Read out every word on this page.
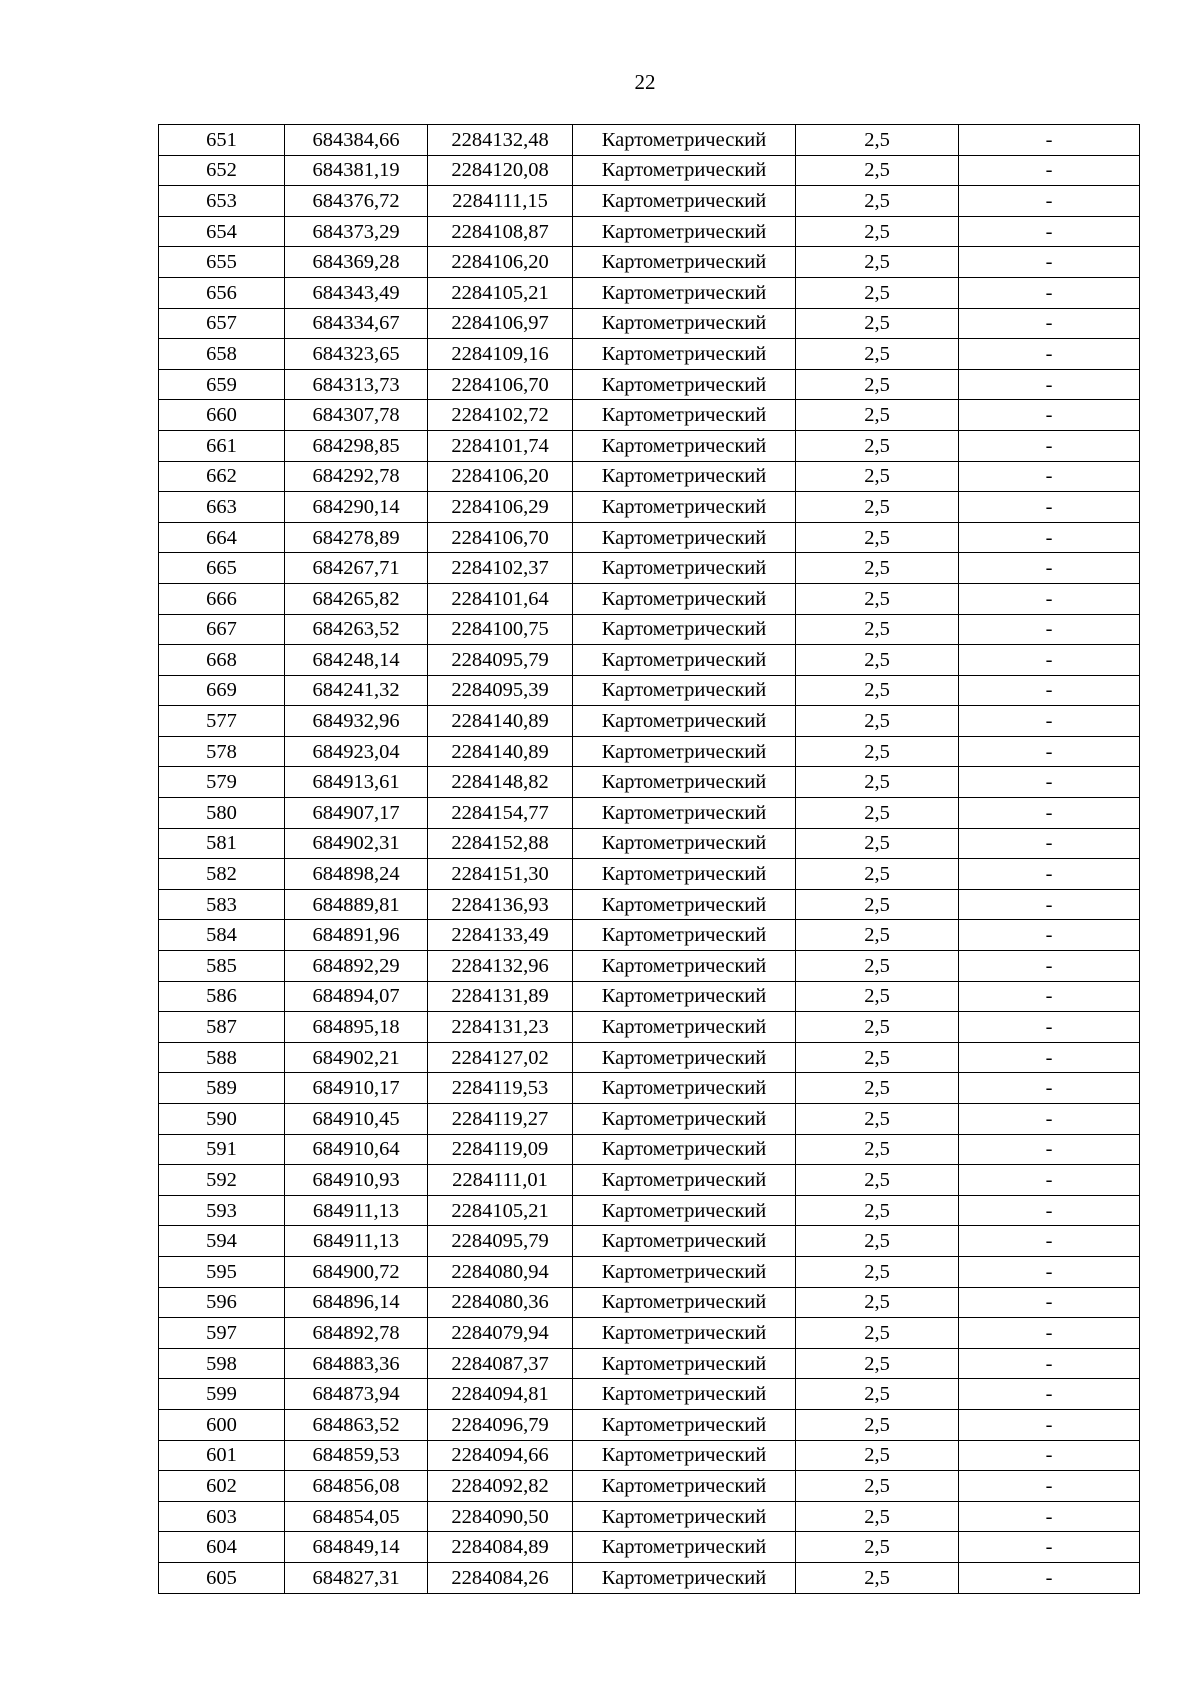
22
651	684384,66	2284132,48	Картометрический	2,5	-
652	684381,19	2284120,08	Картометрический	2,5	-
653	684376,72	2284111,15	Картометрический	2,5	-
654	684373,29	2284108,87	Картометрический	2,5	-
655	684369,28	2284106,20	Картометрический	2,5	-
656	684343,49	2284105,21	Картометрический	2,5	-
657	684334,67	2284106,97	Картометрический	2,5	-
658	684323,65	2284109,16	Картометрический	2,5	-
659	684313,73	2284106,70	Картометрический	2,5	-
660	684307,78	2284102,72	Картометрический	2,5	-
661	684298,85	2284101,74	Картометрический	2,5	-
662	684292,78	2284106,20	Картометрический	2,5	-
663	684290,14	2284106,29	Картометрический	2,5	-
664	684278,89	2284106,70	Картометрический	2,5	-
665	684267,71	2284102,37	Картометрический	2,5	-
666	684265,82	2284101,64	Картометрический	2,5	-
667	684263,52	2284100,75	Картометрический	2,5	-
668	684248,14	2284095,79	Картометрический	2,5	-
669	684241,32	2284095,39	Картометрический	2,5	-
577	684932,96	2284140,89	Картометрический	2,5	-
578	684923,04	2284140,89	Картометрический	2,5	-
579	684913,61	2284148,82	Картометрический	2,5	-
580	684907,17	2284154,77	Картометрический	2,5	-
581	684902,31	2284152,88	Картометрический	2,5	-
582	684898,24	2284151,30	Картометрический	2,5	-
583	684889,81	2284136,93	Картометрический	2,5	-
584	684891,96	2284133,49	Картометрический	2,5	-
585	684892,29	2284132,96	Картометрический	2,5	-
586	684894,07	2284131,89	Картометрический	2,5	-
587	684895,18	2284131,23	Картометрический	2,5	-
588	684902,21	2284127,02	Картометрический	2,5	-
589	684910,17	2284119,53	Картометрический	2,5	-
590	684910,45	2284119,27	Картометрический	2,5	-
591	684910,64	2284119,09	Картометрический	2,5	-
592	684910,93	2284111,01	Картометрический	2,5	-
593	684911,13	2284105,21	Картометрический	2,5	-
594	684911,13	2284095,79	Картометрический	2,5	-
595	684900,72	2284080,94	Картометрический	2,5	-
596	684896,14	2284080,36	Картометрический	2,5	-
597	684892,78	2284079,94	Картометрический	2,5	-
598	684883,36	2284087,37	Картометрический	2,5	-
599	684873,94	2284094,81	Картометрический	2,5	-
600	684863,52	2284096,79	Картометрический	2,5	-
601	684859,53	2284094,66	Картометрический	2,5	-
602	684856,08	2284092,82	Картометрический	2,5	-
603	684854,05	2284090,50	Картометрический	2,5	-
604	684849,14	2284084,89	Картометрический	2,5	-
605	684827,31	2284084,26	Картометрический	2,5	-
